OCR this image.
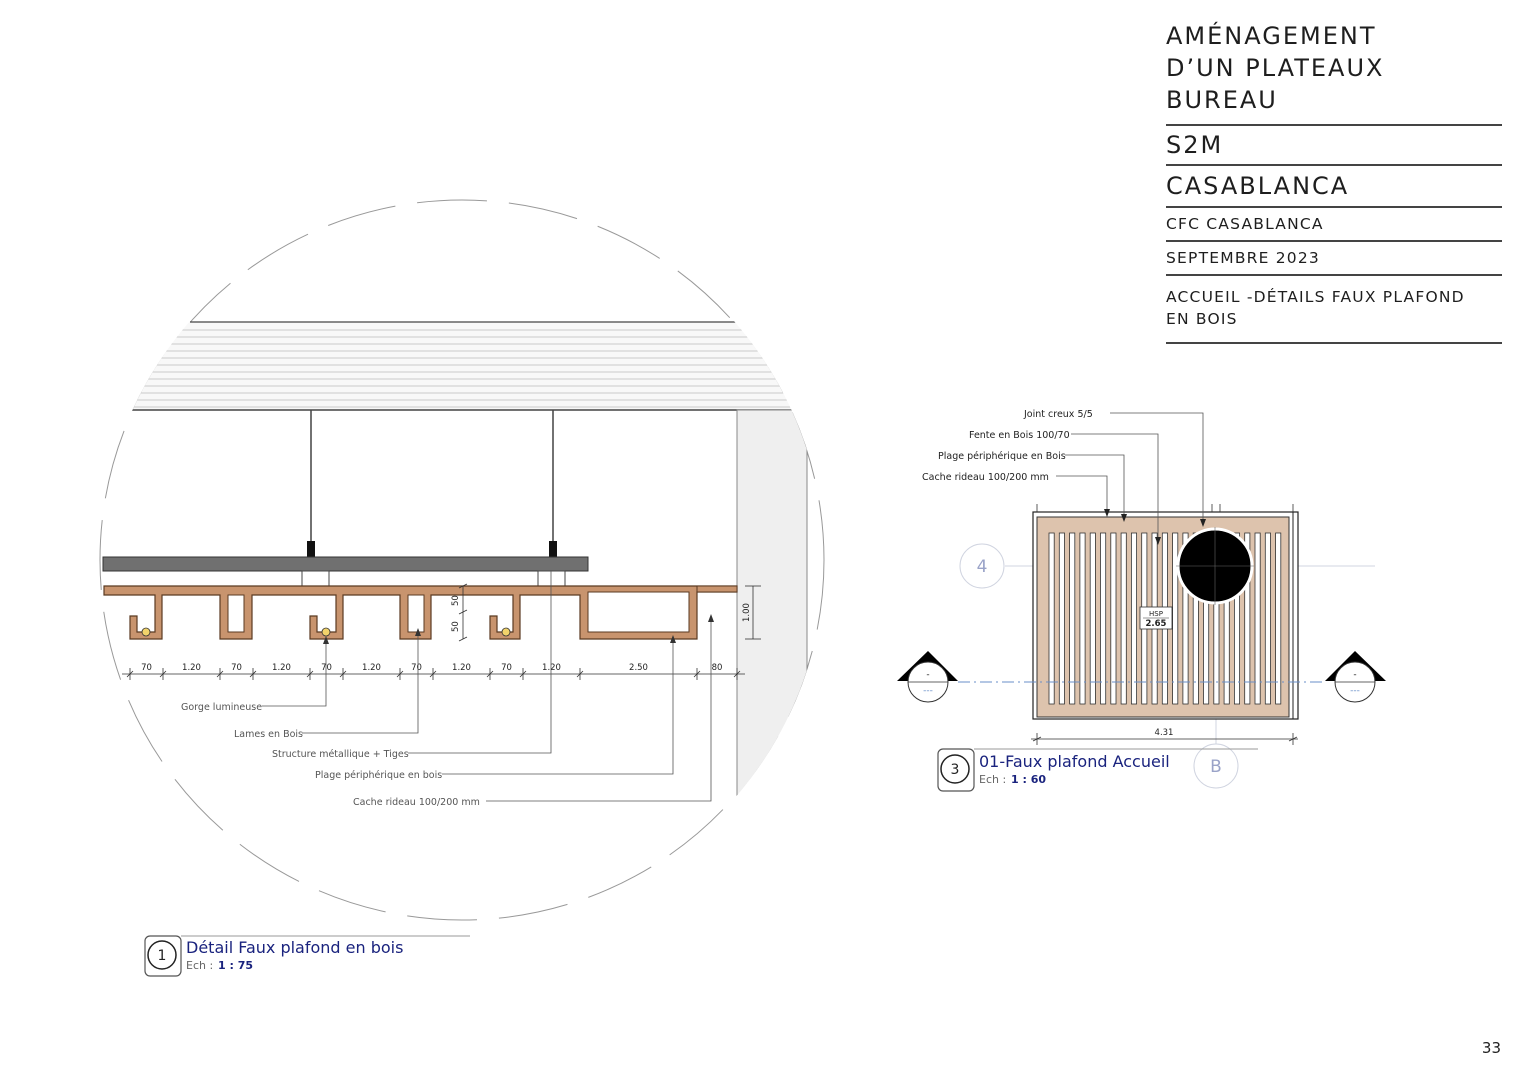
50
50
1.00
70	1.20	70	1.20	70	1.20	70	1.20	70	1.20	2.50	80
Gorge lumineuse
Lames en Bois
Structure métallique + Tiges
Plage périphérique en bois
Cache rideau 100/200 mm
1 Détail Faux plafond en bois
Ech : 1 : 75
4
B
HSP
2.65
Joint creux 5/5
Fente en Bois 100/70
Plage périphérique en Bois
Cache rideau 100/200 mm
4.31
-
---
-
---
3 01-Faux plafond Accueil
Ech : 1 : 60
AMÉNAGEMENT
D’UN PLATEAUX BUREAU
S2M
CASABLANCA
CFC CASABLANCA
SEPTEMBRE 2023
ACCUEIL -DÉTAILS FAUX PLAFOND
EN BOIS
33
